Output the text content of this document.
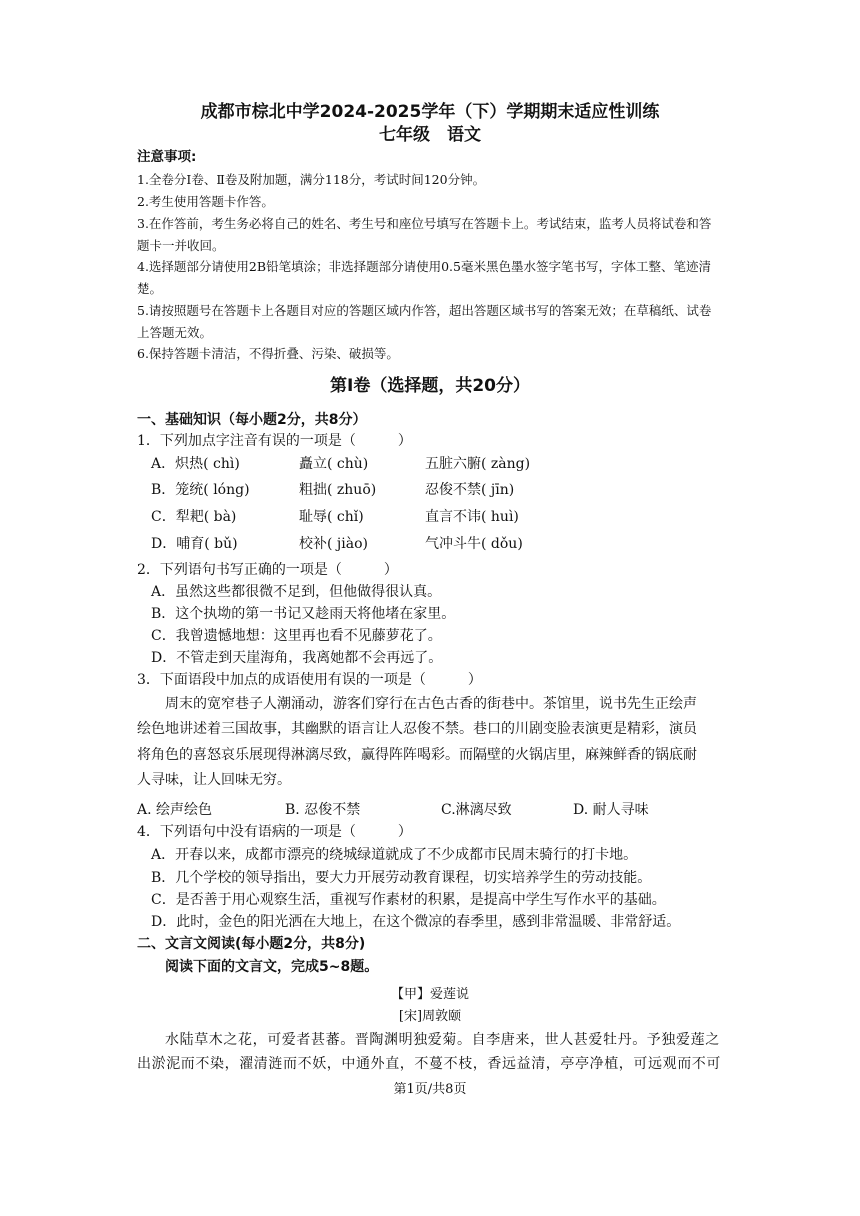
成都市棕北中学2024-2025学年（下）学期期末适应性训练
七年级　语文
注意事项:
1.全卷分Ⅰ卷、Ⅱ卷及附加题，满分118分，考试时间120分钟。
2.考生使用答题卡作答。
3.在作答前，考生务必将自己的姓名、考生号和座位号填写在答题卡上。考试结束，监考人员将试卷和答
题卡一并收回。
4.选择题部分请使用2B铅笔填涂；非选择题部分请使用0.5毫米黑色墨水签字笔书写，字体工整、笔迹清
楚。
5.请按照题号在答题卡上各题目对应的答题区域内作答，超出答题区域书写的答案无效；在草稿纸、试卷
上答题无效。
6.保持答题卡清洁，不得折叠、污染、破损等。
第Ⅰ卷（选择题，共20分）
一、基础知识（每小题2分，共8分）
1．下列加点字注音有误的一项是（　　　）
A．炽热( chì)	矗立( chù)	五脏六腑( zàng)
B．笼统( lóng)	粗拙( zhuō)	忍俊不禁( jīn)
C．犁耙( bà)	耻辱( chǐ)	直言不讳( huì)
D．哺育( bǔ)	校补( jiào)	气冲斗牛( dǒu)
2．下列语句书写正确的一项是（　　　）
A．虽然这些都很微不足到，但他做得很认真。
B．这个执坳的第一书记又趁雨天将他堵在家里。
C．我曾遗憾地想：这里再也看不见藤萝花了。
D．不管走到天崖海角，我离她都不会再远了。
3．下面语段中加点的成语使用有误的一项是（　　　）
周末的宽窄巷子人潮涌动，游客们穿行在古色古香的街巷中。茶馆里，说书先生正绘声
绘色地讲述着三国故事，其幽默的语言让人忍俊不禁。巷口的川剧变脸表演更是精彩，演员
将角色的喜怒哀乐展现得淋漓尽致，赢得阵阵喝彩。而隔壁的火锅店里，麻辣鲜香的锅底耐
人寻味，让人回味无穷。
A. 绘声绘色	B. 忍俊不禁	C.淋漓尽致	D. 耐人寻味
4．下列语句中没有语病的一项是（　　　）
A．开春以来，成都市漂亮的绕城绿道就成了不少成都市民周末骑行的打卡地。
B．几个学校的领导指出，要大力开展劳动教育课程，切实培养学生的劳动技能。
C．是否善于用心观察生活，重视写作素材的积累，是提高中学生写作水平的基础。
D．此时，金色的阳光洒在大地上，在这个微凉的春季里，感到非常温暖、非常舒适。
二、文言文阅读(每小题2分，共8分)
阅读下面的文言文，完成5~8题。
【甲】爱莲说
[宋]周敦颐
水陆草木之花，可爱者甚蕃。晋陶渊明独爱菊。自李唐来，世人甚爱牡丹。予独爱莲之
出淤泥而不染，濯清涟而不妖，中通外直，不蔓不枝，香远益清，亭亭净植，可远观而不可
第1页/共8页
